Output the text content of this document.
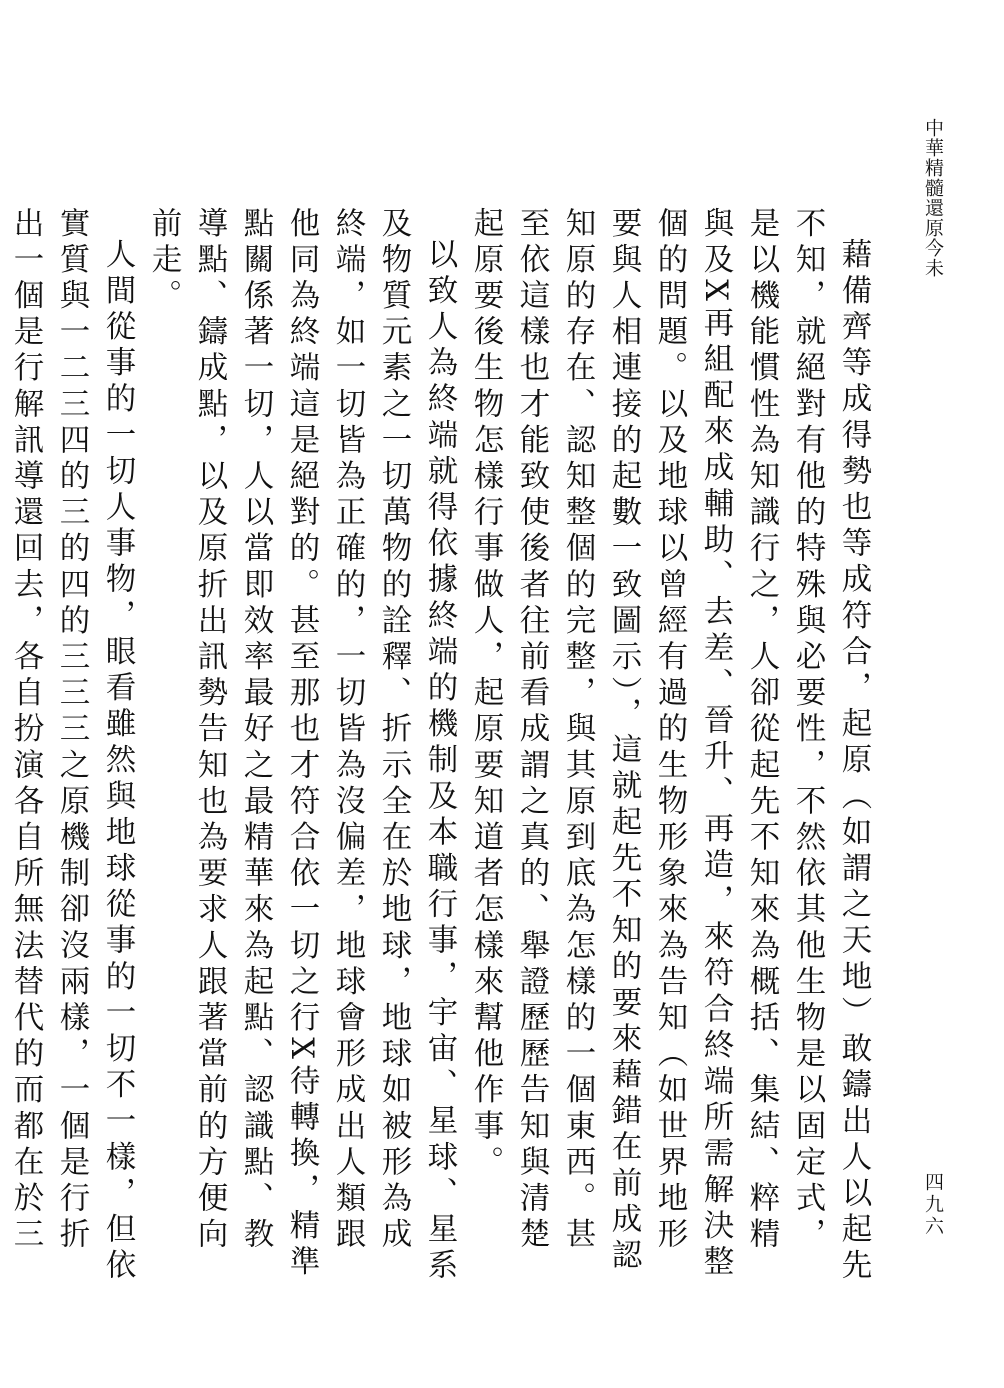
中華精髓還原今未
四九六

藉備齊等成得勢也等成符合，起原（如謂之天地）敢鑄出人以起先不知，就絕對有他的特殊與必要性，不然依其他生物是以固定式，是以機能慣性為知識行之，人卻從起先不知來為概括、集結、粹精與及X再組配來成輔助、去差、晉升、再造，來符合終端所需解決整個的問題。以及地球以曾經有過的生物形象來為告知（如世界地形要與人相連接的起數一致圖示），這就起先不知的要來藉錯在前成認知原的存在、認知整個的完整，與其原到底為怎樣的一個東西。甚至依這樣也才能致使後者往前看成謂之真的、舉證歷歷告知與清楚起原要後生物怎樣行事做人，起原要知道者怎樣來幫他作事。

以致人為終端就得依據終端的機制及本職行事，宇宙、星球、星系及物質元素之一切萬物的詮釋、折示全在於地球，地球如被形為成終端，如一切皆為正確的，一切皆為沒偏差，地球會形成出人類跟他同為終端這是絕對的。甚至那也才符合依一切之行X待轉換，精準點關係著一切，人以當即效率最好之最精華來為起點、認識點、教導點、鑄成點，以及原折出訊勢告知也為要求人跟著當前的方便向前走。

人間從事的一切人事物，眼看雖然與地球從事的一切不一樣，但依實質與一二三四的三的四的三三三之原機制卻沒兩樣，一個是行折出一個是行解訊導還回去，各自扮演各自所無法替代的而都在於三
